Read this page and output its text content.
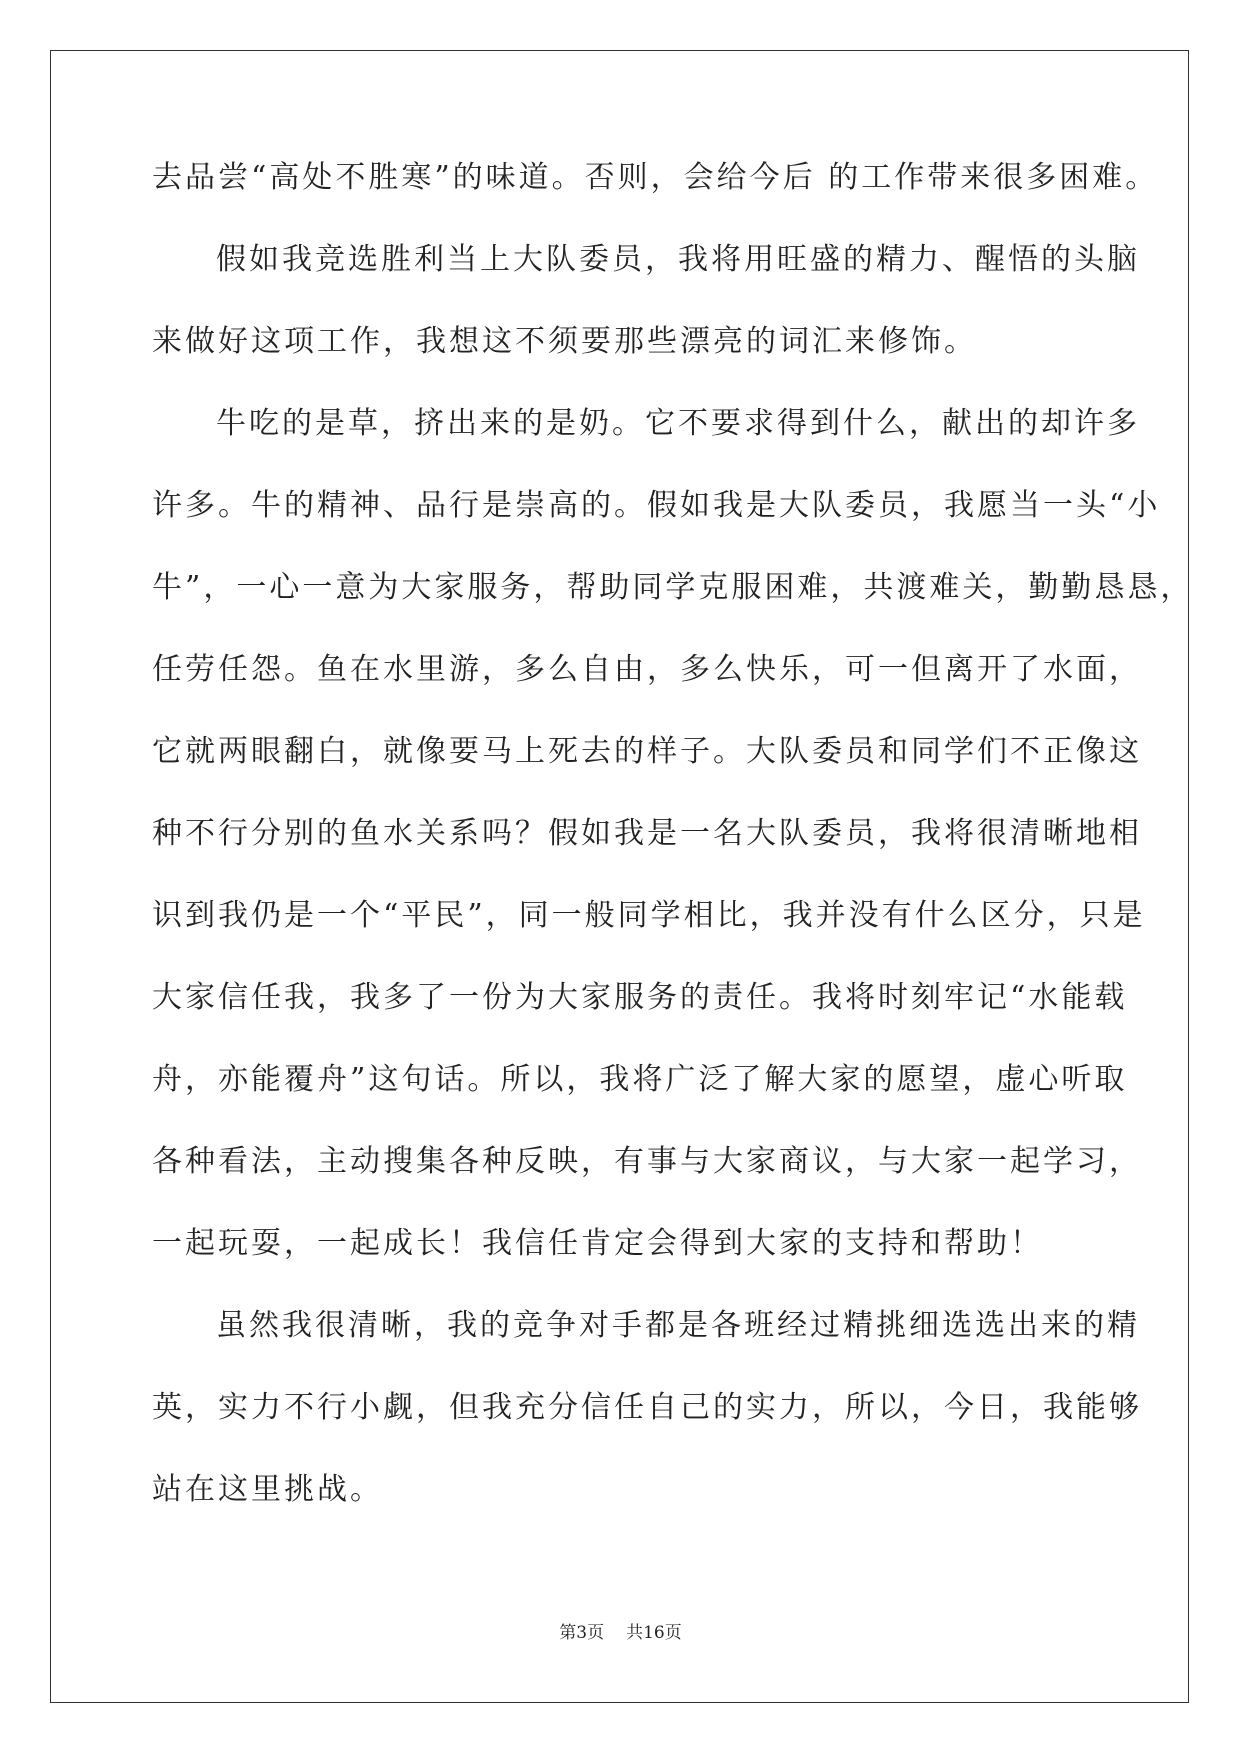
去品尝“高处不胜寒”的味道。否则，会给今后 的工作带来很多困难。
假如我竞选胜利当上大队委员，我将用旺盛的精力、醒悟的头脑
来做好这项工作，我想这不须要那些漂亮的词汇来修饰。
牛吃的是草，挤出来的是奶。它不要求得到什么，献出的却许多
许多。牛的精神、品行是崇高的。假如我是大队委员，我愿当一头“小
牛”，一心一意为大家服务，帮助同学克服困难，共渡难关，勤勤恳恳，
任劳任怨。鱼在水里游，多么自由，多么快乐，可一但离开了水面，
它就两眼翻白，就像要马上死去的样子。大队委员和同学们不正像这
种不行分别的鱼水关系吗？假如我是一名大队委员，我将很清晰地相
识到我仍是一个“平民”，同一般同学相比，我并没有什么区分，只是
大家信任我，我多了一份为大家服务的责任。我将时刻牢记“水能载
舟，亦能覆舟”这句话。所以，我将广泛了解大家的愿望，虚心听取
各种看法，主动搜集各种反映，有事与大家商议，与大家一起学习，
一起玩耍，一起成长！我信任肯定会得到大家的支持和帮助！
虽然我很清晰，我的竞争对手都是各班经过精挑细选选出来的精
英，实力不行小觑，但我充分信任自己的实力，所以，今日，我能够
站在这里挑战。
第3页 共16页
